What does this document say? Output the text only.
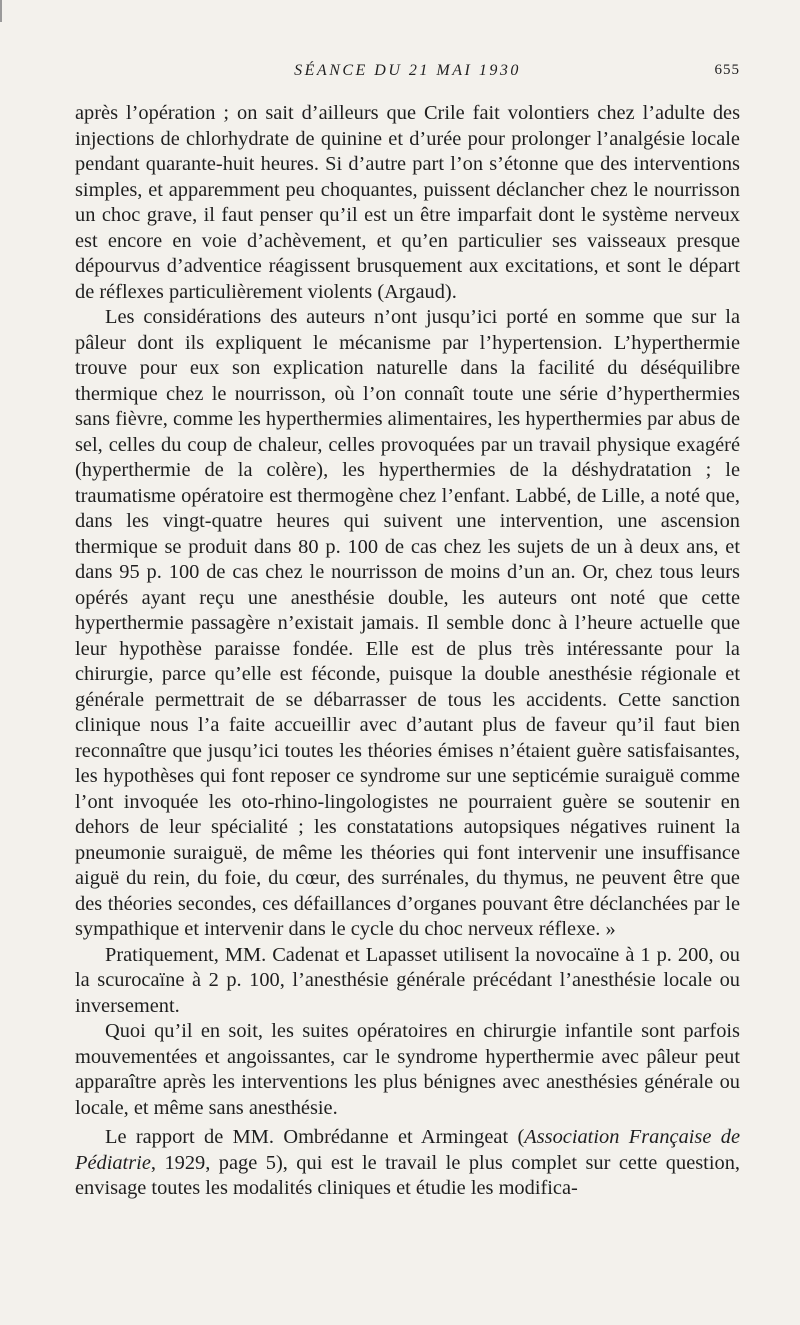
SÉANCE DU 21 MAI 1930	655

après l’opération ; on sait d’ailleurs que Crile fait volontiers chez l’adulte des injections de chlorhydrate de quinine et d’urée pour prolonger l’analgésie locale pendant quarante-huit heures. Si d’autre part l’on s’étonne que des interventions simples, et apparemment peu choquantes, puissent déclancher chez le nourrisson un choc grave, il faut penser qu’il est un être imparfait dont le système nerveux est encore en voie d’achèvement, et qu’en particulier ses vaisseaux presque dépourvus d’adventice réagissent brusquement aux excitations, et sont le départ de réflexes particulièrement violents (Argaud).

Les considérations des auteurs n’ont jusqu’ici porté en somme que sur la pâleur dont ils expliquent le mécanisme par l’hypertension. L’hyperthermie trouve pour eux son explication naturelle dans la facilité du déséquilibre thermique chez le nourrisson, où l’on connaît toute une série d’hyperthermies sans fièvre, comme les hyperthermies alimentaires, les hyperthermies par abus de sel, celles du coup de chaleur, celles provoquées par un travail physique exagéré (hyperthermie de la colère), les hyperthermies de la déshydratation ; le traumatisme opératoire est thermogène chez l’enfant. Labbé, de Lille, a noté que, dans les vingt-quatre heures qui suivent une intervention, une ascension thermique se produit dans 80 p. 100 de cas chez les sujets de un à deux ans, et dans 95 p. 100 de cas chez le nourrisson de moins d’un an. Or, chez tous leurs opérés ayant reçu une anesthésie double, les auteurs ont noté que cette hyperthermie passagère n’existait jamais. Il semble donc à l’heure actuelle que leur hypothèse paraisse fondée. Elle est de plus très intéressante pour la chirurgie, parce qu’elle est féconde, puisque la double anesthésie régionale et générale permettrait de se débarrasser de tous les accidents. Cette sanction clinique nous l’a faite accueillir avec d’autant plus de faveur qu’il faut bien reconnaître que jusqu’ici toutes les théories émises n’étaient guère satisfaisantes, les hypothèses qui font reposer ce syndrome sur une septicémie suraiguë comme l’ont invoquée les oto-rhino-lingologistes ne pourraient guère se soutenir en dehors de leur spécialité ; les constatations autopsiques négatives ruinent la pneumonie suraiguë, de même les théories qui font intervenir une insuffisance aiguë du rein, du foie, du cœur, des surrénales, du thymus, ne peuvent être que des théories secondes, ces défaillances d’organes pouvant être déclanchées par le sympathique et intervenir dans le cycle du choc nerveux réflexe. »

Pratiquement, MM. Cadenat et Lapasset utilisent la novocaïne à 1 p. 200, ou la scurocaïne à 2 p. 100, l’anesthésie générale précédant l’anesthésie locale ou inversement.

Quoi qu’il en soit, les suites opératoires en chirurgie infantile sont parfois mouvementées et angoissantes, car le syndrome hyperthermie avec pâleur peut apparaître après les interventions les plus bénignes avec anesthésies générale ou locale, et même sans anesthésie.

Le rapport de MM. Ombrédanne et Armingeat (Association Française de Pédiatrie, 1929, page 5), qui est le travail le plus complet sur cette question, envisage toutes les modalités cliniques et étudie les modifica-
